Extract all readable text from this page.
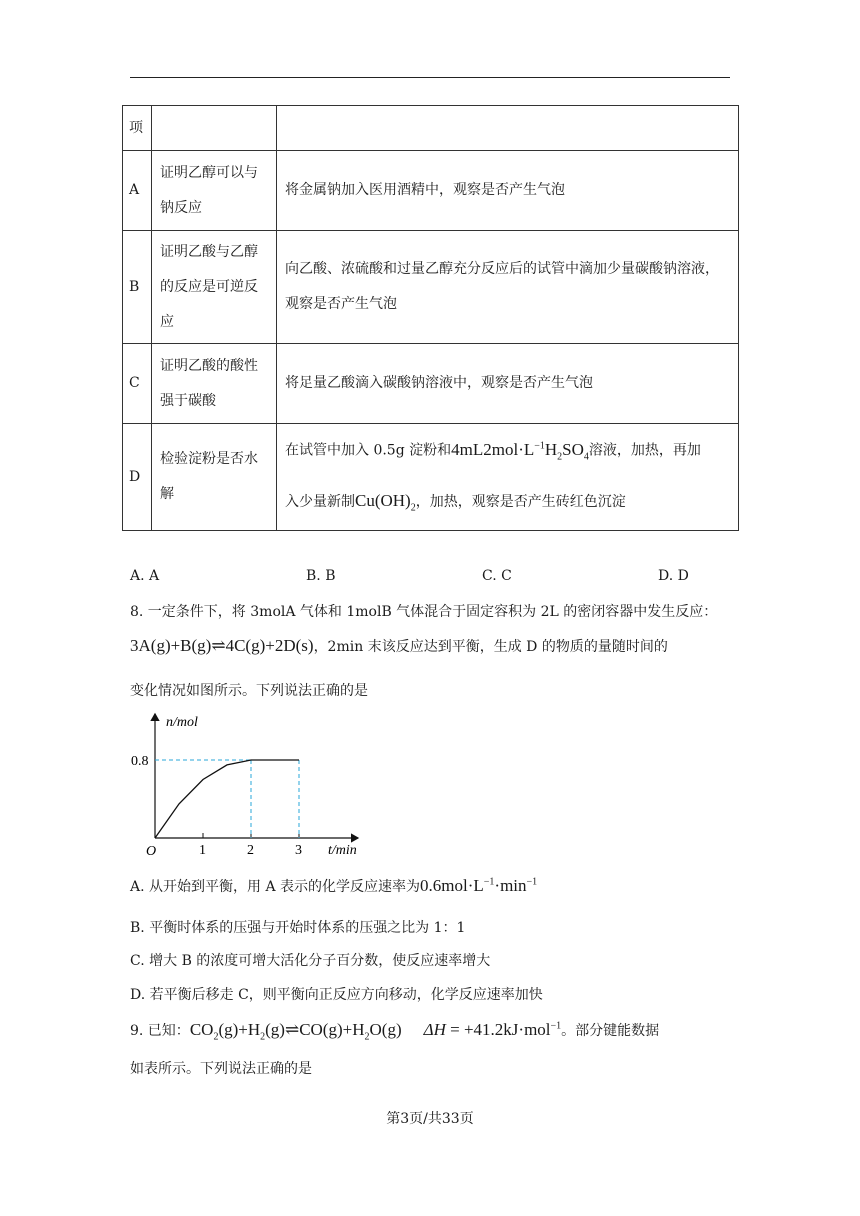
项		
A	证明乙醇可以与钠反应	将金属钠加入医用酒精中，观察是否产生气泡
B	证明乙酸与乙醇的反应是可逆反应	向乙酸、浓硫酸和过量乙醇充分反应后的试管中滴加少量碳酸钠溶液，观察是否产生气泡
C	证明乙酸的酸性强于碳酸	将足量乙酸滴入碳酸钠溶液中，观察是否产生气泡
D	检验淀粉是否水解	在试管中加入 0.5g 淀粉和$4mL2mol\cdot L^{-1}H_2SO_4$溶液，加热，再加
入少量新制$Cu(OH)_2$，加热，观察是否产生砖红色沉淀
A. A	B. B	C. C	D. D
8. 一定条件下，将 3molA 气体和 1molB 气体混合于固定容积为 2L 的密闭容器中发生反应：
3A(g)+B(g)⇌4C(g)+2D(s)，2min 末该反应达到平衡，生成 D 的物质的量随时间的
变化情况如图所示。下列说法正确的是
n/mol
t/min
O	1	2	3
0.8
A. 从开始到平衡，用 A 表示的化学反应速率为$0.6mol\cdot L^{-1}\cdot\min^{-1}$
B. 平衡时体系的压强与开始时体系的压强之比为 1：1
C. 增大 B 的浓度可增大活化分子百分数，使反应速率增大
D. 若平衡后移走 C，则平衡向正反应方向移动，化学反应速率加快
9. 已知：$CO_2(g)+H_2(g)\rightleftharpoons CO(g)+H_2O(g) \Delta H = +41.2kJ\cdot mol^{-1}$。部分键能数据
如表所示。下列说法正确的是
第3页/共33页
